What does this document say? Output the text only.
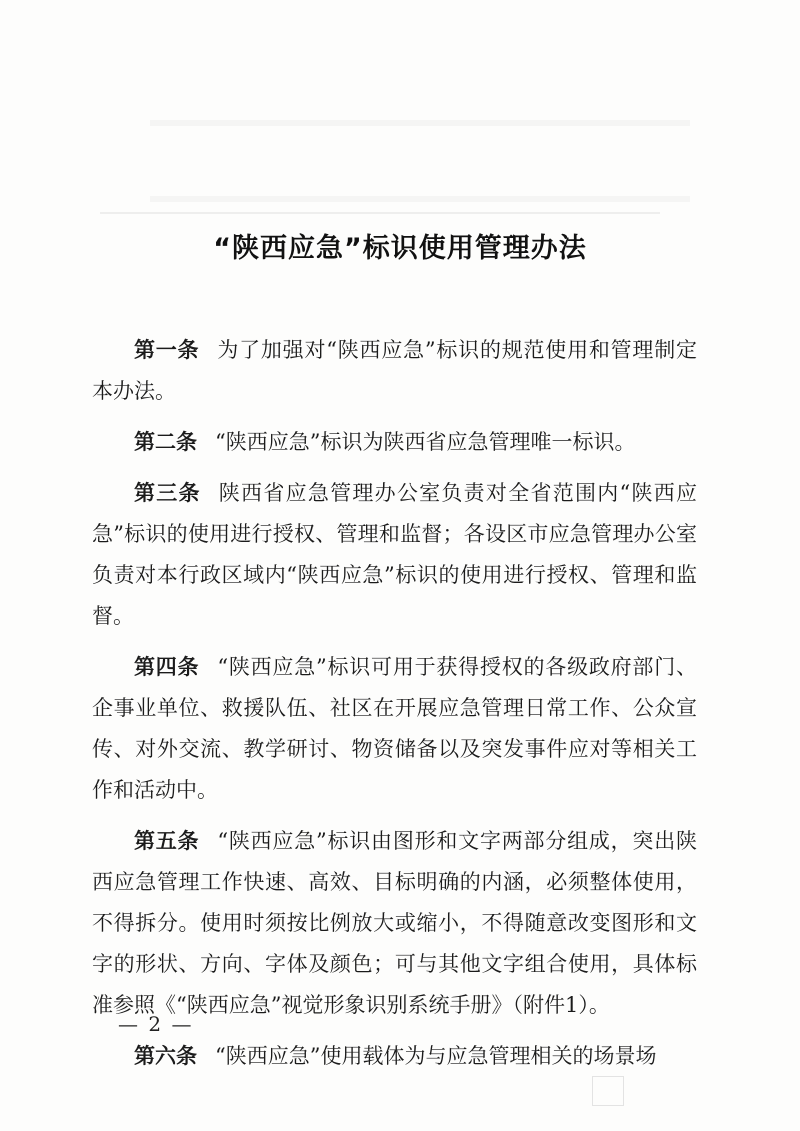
“陕西应急”标识使用管理办法

第一条 为了加强对“陕西应急”标识的规范使用和管理制定本办法。

第二条 “陕西应急”标识为陕西省应急管理唯一标识。

第三条 陕西省应急管理办公室负责对全省范围内“陕西应急”标识的使用进行授权、管理和监督；各设区市应急管理办公室负责对本行政区域内“陕西应急”标识的使用进行授权、管理和监督。

第四条 “陕西应急”标识可用于获得授权的各级政府部门、企事业单位、救援队伍、社区在开展应急管理日常工作、公众宣传、对外交流、教学研讨、物资储备以及突发事件应对等相关工作和活动中。

第五条 “陕西应急”标识由图形和文字两部分组成，突出陕西应急管理工作快速、高效、目标明确的内涵，必须整体使用，不得拆分。使用时须按比例放大或缩小，不得随意改变图形和文字的形状、方向、字体及颜色；可与其他文字组合使用，具体标准参照《“陕西应急”视觉形象识别系统手册》（附件1）。

第六条 “陕西应急”使用载体为与应急管理相关的场景场

— 2 —
